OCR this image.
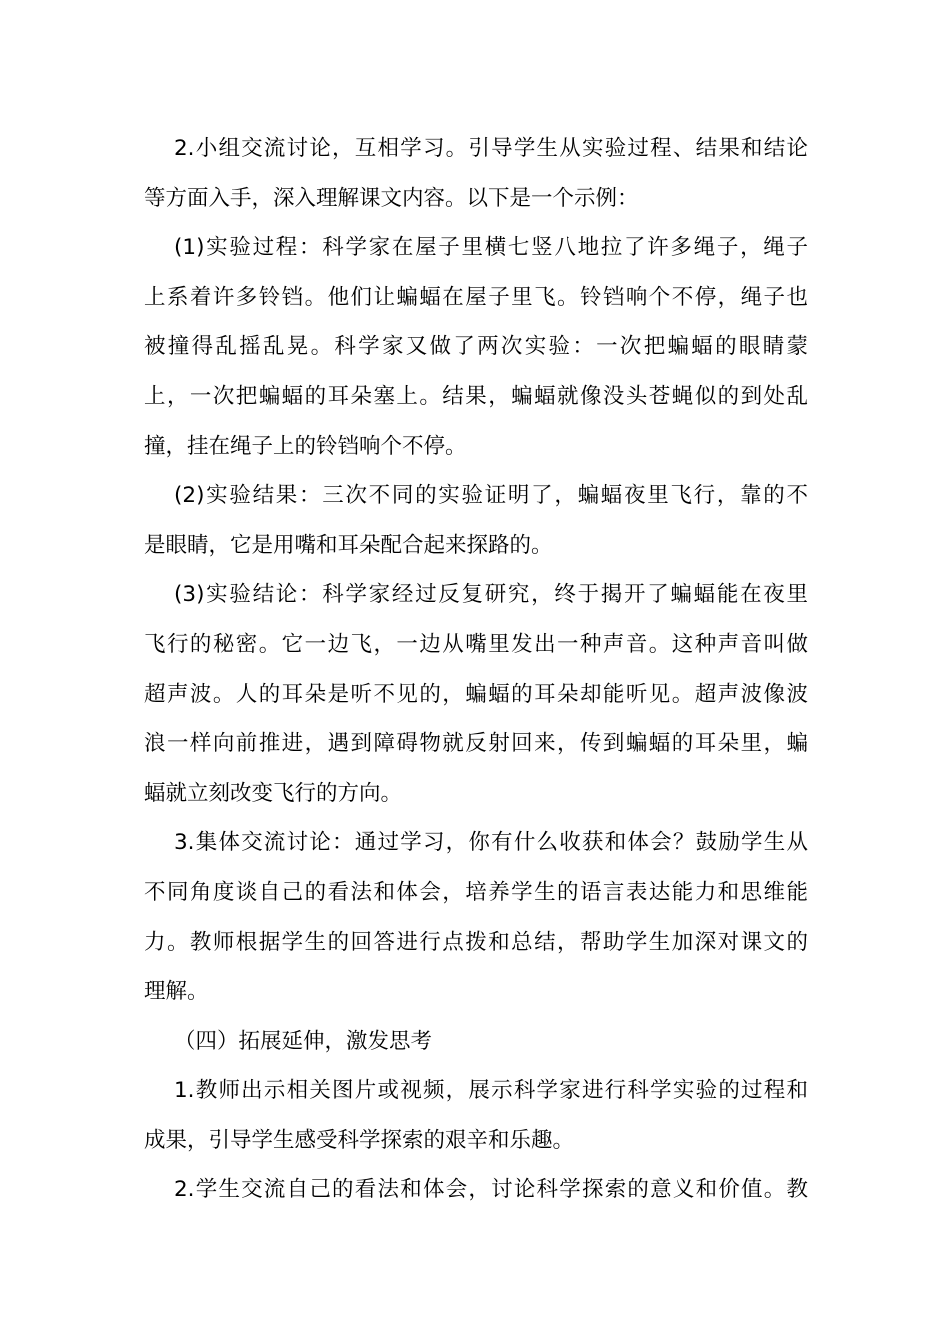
2.小组交流讨论，互相学习。引导学生从实验过程、结果和结论
等方面入手，深入理解课文内容。以下是一个示例：
(1)实验过程：科学家在屋子里横七竖八地拉了许多绳子，绳子
上系着许多铃铛。他们让蝙蝠在屋子里飞。铃铛响个不停，绳子也
被撞得乱摇乱晃。科学家又做了两次实验：一次把蝙蝠的眼睛蒙
上，一次把蝙蝠的耳朵塞上。结果，蝙蝠就像没头苍蝇似的到处乱
撞，挂在绳子上的铃铛响个不停。
(2)实验结果：三次不同的实验证明了，蝙蝠夜里飞行，靠的不
是眼睛，它是用嘴和耳朵配合起来探路的。
(3)实验结论：科学家经过反复研究，终于揭开了蝙蝠能在夜里
飞行的秘密。它一边飞，一边从嘴里发出一种声音。这种声音叫做
超声波。人的耳朵是听不见的，蝙蝠的耳朵却能听见。超声波像波
浪一样向前推进，遇到障碍物就反射回来，传到蝙蝠的耳朵里，蝙
蝠就立刻改变飞行的方向。
3.集体交流讨论：通过学习，你有什么收获和体会？鼓励学生从
不同角度谈自己的看法和体会，培养学生的语言表达能力和思维能
力。教师根据学生的回答进行点拨和总结，帮助学生加深对课文的
理解。
（四）拓展延伸，激发思考
1.教师出示相关图片或视频，展示科学家进行科学实验的过程和
成果，引导学生感受科学探索的艰辛和乐趣。
2.学生交流自己的看法和体会，讨论科学探索的意义和价值。教
